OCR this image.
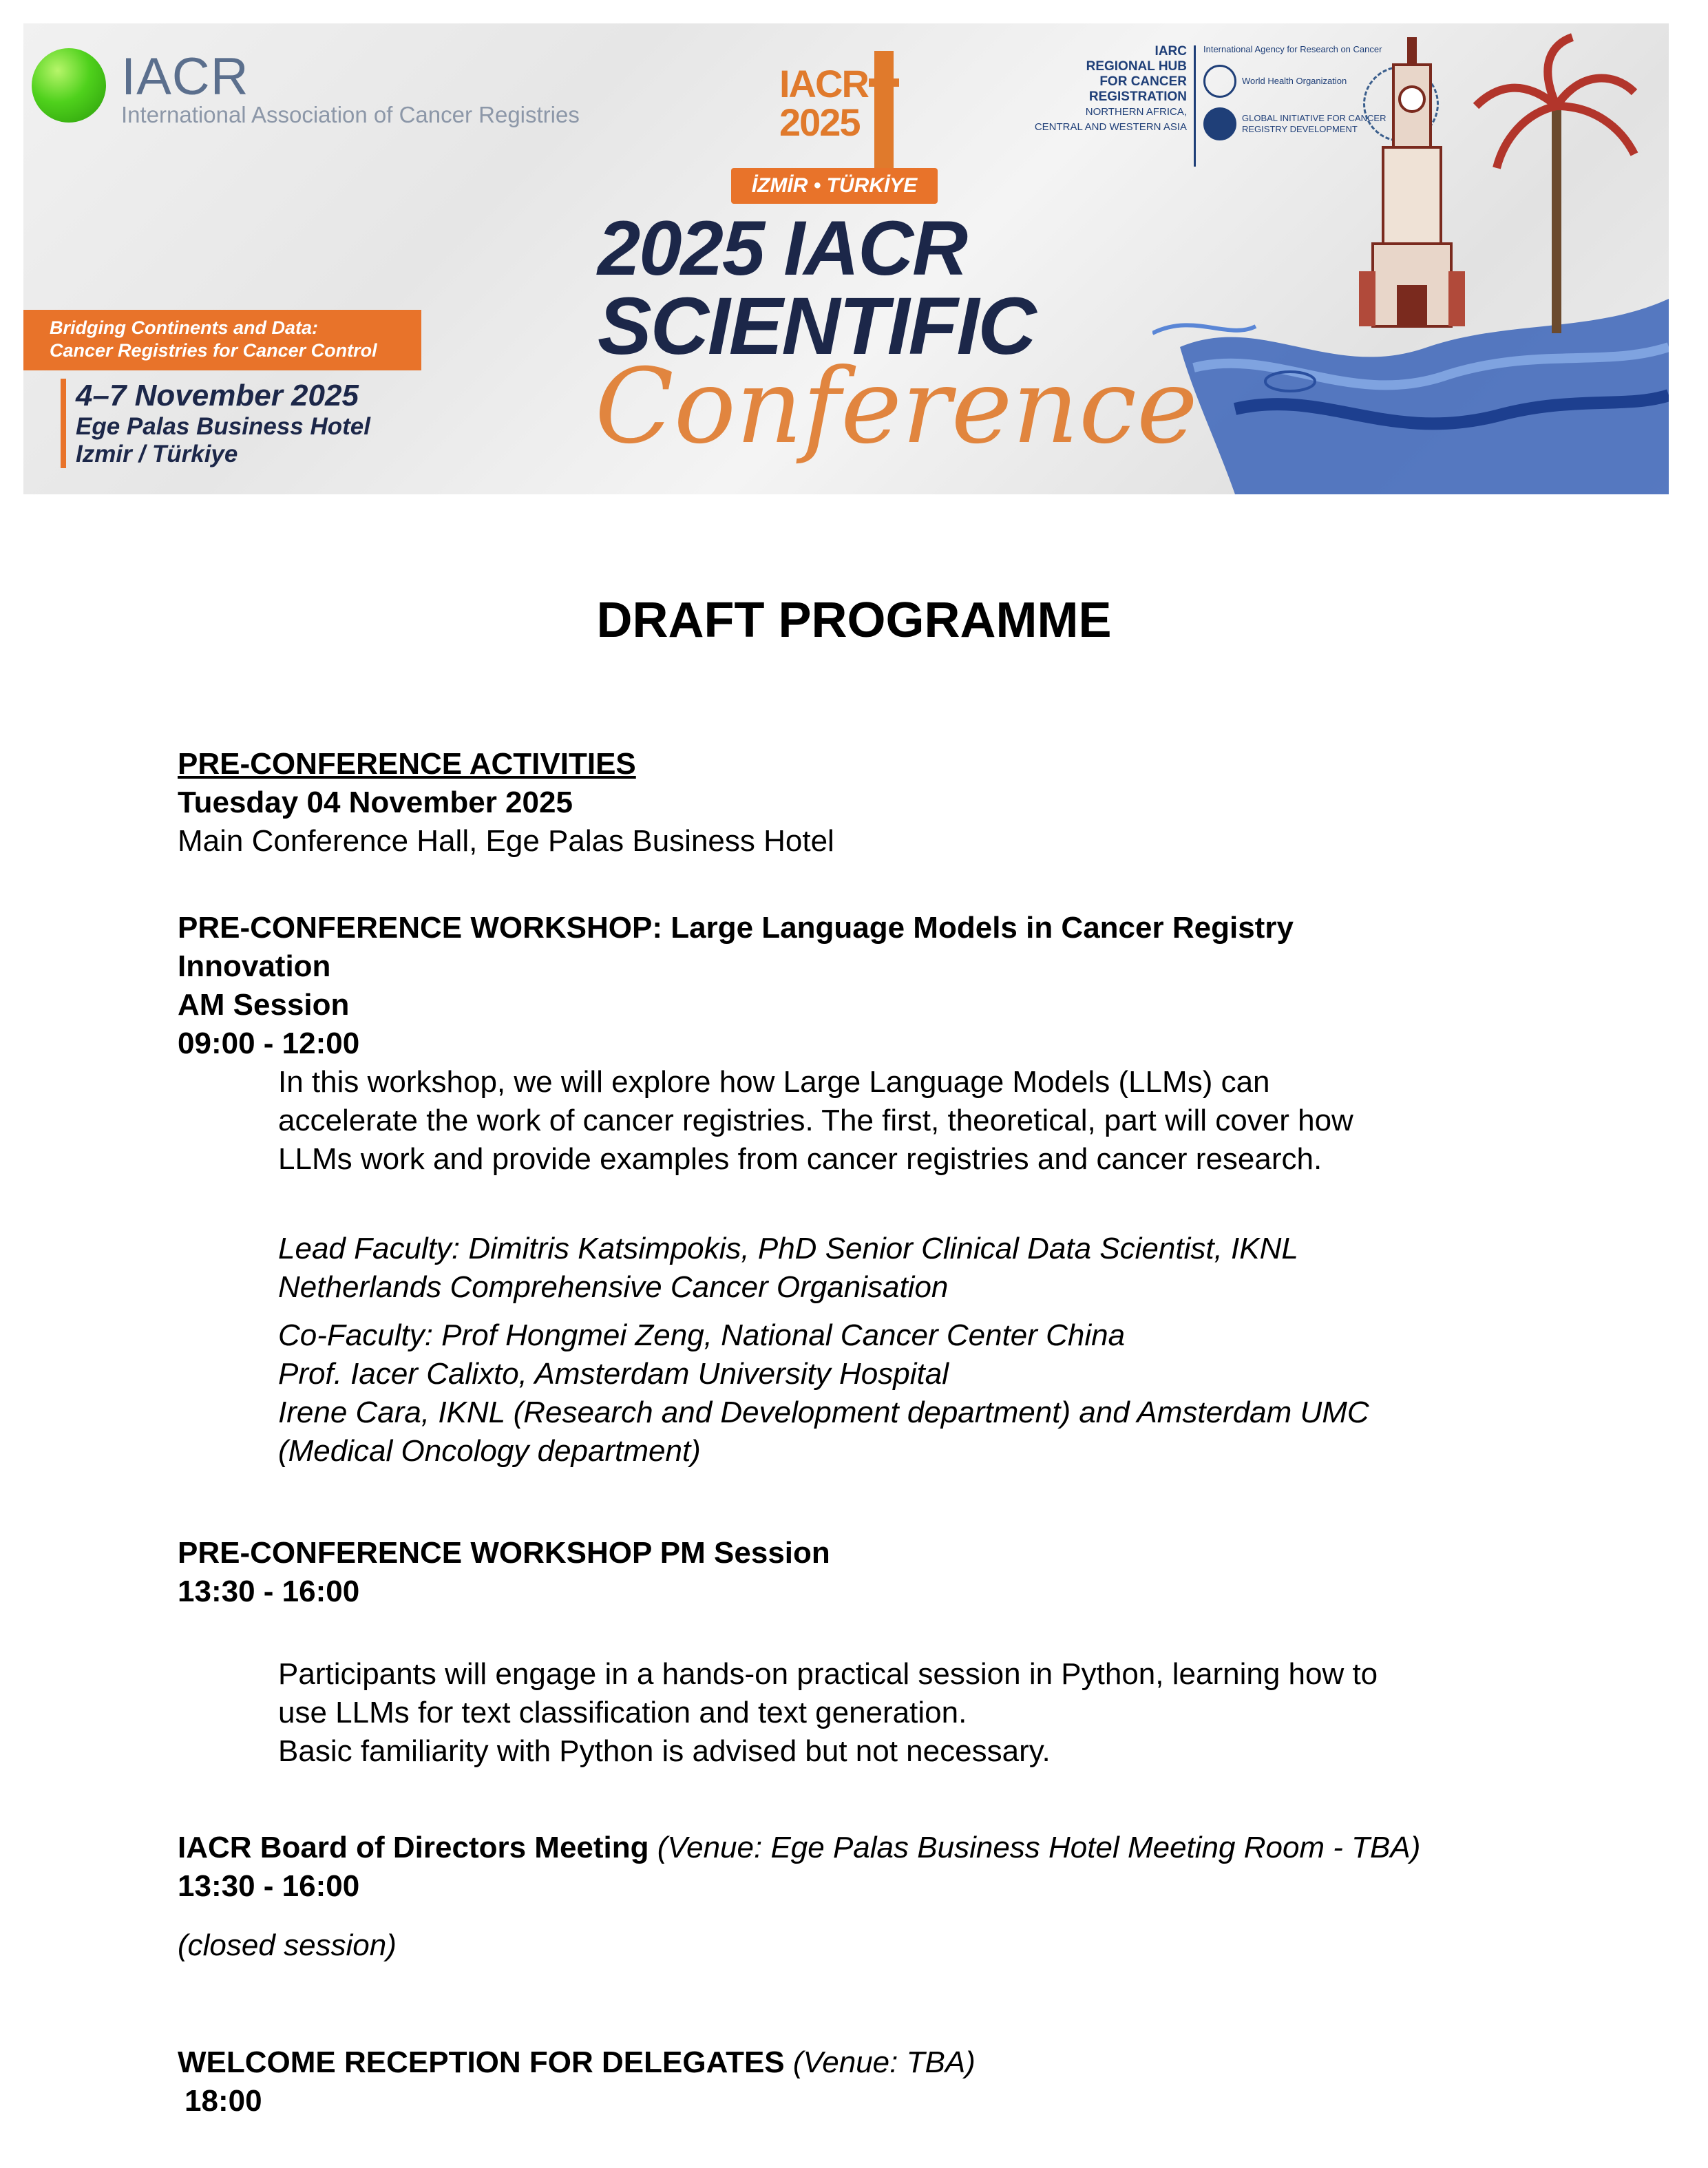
IACR
International Association of Cancer Registries
IACR 2025
İZMİR • TÜRKİYE
2025 IACR
SCIENTIFIC
Conference
Bridging Continents and Data:
Cancer Registries for Cancer Control
4–7 November 2025
Ege Palas Business Hotel
Izmir / Türkiye
IARC
REGIONAL HUB
FOR CANCER
REGISTRATION
NORTHERN AFRICA,
CENTRAL AND WESTERN ASIA
International Agency for Research on Cancer
World Health Organization
GLOBAL INITIATIVE FOR CANCER REGISTRY DEVELOPMENT
DRAFT PROGRAMME

PRE-CONFERENCE ACTIVITIES

Tuesday 04 November 2025

Main Conference Hall, Ege Palas Business Hotel

PRE-CONFERENCE WORKSHOP: Large Language Models in Cancer Registry

Innovation

AM Session

09:00 - 12:00

In this workshop, we will explore how Large Language Models (LLMs) can

accelerate the work of cancer registries. The first, theoretical, part will cover how

LLMs work and provide examples from cancer registries and cancer research.

Lead Faculty: Dimitris Katsimpokis, PhD Senior Clinical Data Scientist, IKNL

Netherlands Comprehensive Cancer Organisation

Co-Faculty: Prof Hongmei Zeng, National Cancer Center China

Prof. Iacer Calixto, Amsterdam University Hospital

Irene Cara, IKNL (Research and Development department) and Amsterdam UMC

(Medical Oncology department)

PRE-CONFERENCE WORKSHOP PM Session

13:30 - 16:00

Participants will engage in a hands-on practical session in Python, learning how to

use LLMs for text classification and text generation.

Basic familiarity with Python is advised but not necessary.

IACR Board of Directors Meeting (Venue: Ege Palas Business Hotel Meeting Room - TBA)

13:30 - 16:00

(closed session)

WELCOME RECEPTION FOR DELEGATES (Venue: TBA)

18:00
